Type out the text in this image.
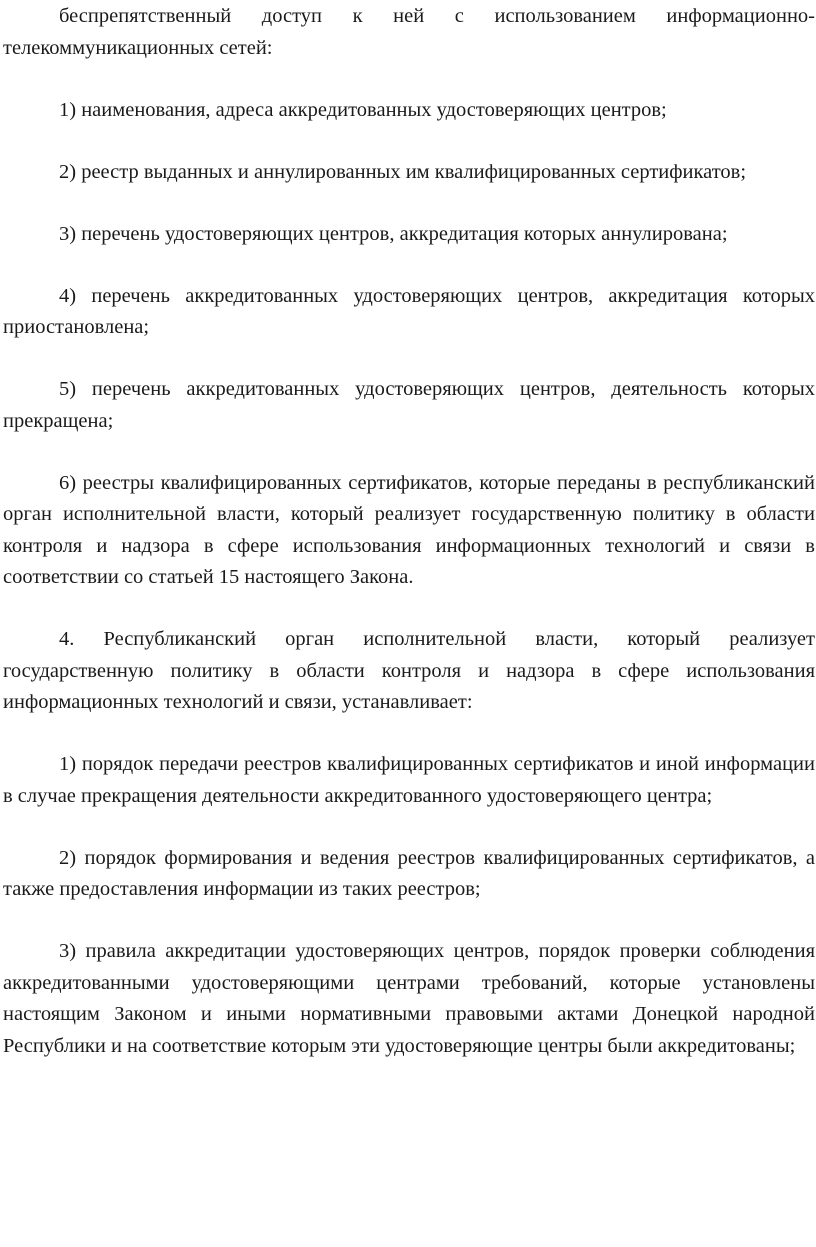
беспрепятственный доступ к ней с использованием информационно-телекоммуникационных сетей:

1) наименования, адреса аккредитованных удостоверяющих центров;

2) реестр выданных и аннулированных им квалифицированных сертификатов;

3) перечень удостоверяющих центров, аккредитация которых аннулирована;

4) перечень аккредитованных удостоверяющих центров, аккредитация которых приостановлена;

5) перечень аккредитованных удостоверяющих центров, деятельность которых прекращена;

6) реестры квалифицированных сертификатов, которые переданы в республиканский орган исполнительной власти, который реализует государственную политику в области контроля и надзора в сфере использования информационных технологий и связи в соответствии со статьей 15 настоящего Закона.

4. Республиканский орган исполнительной власти, который реализует государственную политику в области контроля и надзора в сфере использования информационных технологий и связи, устанавливает:

1) порядок передачи реестров квалифицированных сертификатов и иной информации в случае прекращения деятельности аккредитованного удостоверяющего центра;

2) порядок формирования и ведения реестров квалифицированных сертификатов, а также предоставления информации из таких реестров;

3) правила аккредитации удостоверяющих центров, порядок проверки соблюдения аккредитованными удостоверяющими центрами требований, которые установлены настоящим Законом и иными нормативными правовыми актами Донецкой народной Республики и на соответствие которым эти удостоверяющие центры были аккредитованы;
